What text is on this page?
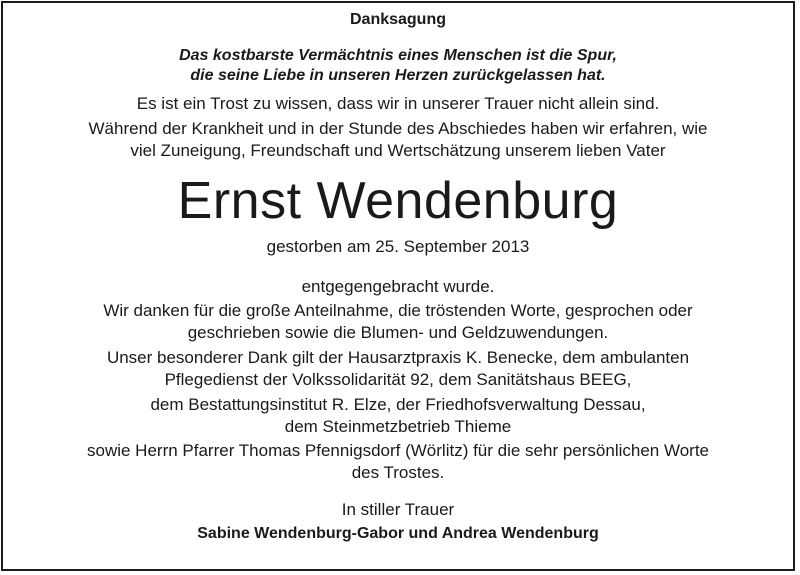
Danksagung
Das kostbarste Vermächtnis eines Menschen ist die Spur,
die seine Liebe in unseren Herzen zurückgelassen hat.
Es ist ein Trost zu wissen, dass wir in unserer Trauer nicht allein sind.
Während der Krankheit und in der Stunde des Abschiedes haben wir erfahren, wie
viel Zuneigung, Freundschaft und Wertschätzung unserem lieben Vater
Ernst Wendenburg
gestorben am 25. September 2013
entgegengebracht wurde.
Wir danken für die große Anteilnahme, die tröstenden Worte, gesprochen oder
geschrieben sowie die Blumen- und Geldzuwendungen.
Unser besonderer Dank gilt der Hausarztpraxis K. Benecke, dem ambulanten
Pflegedienst der Volkssolidarität 92, dem Sanitätshaus BEEG,
dem Bestattungsinstitut R. Elze, der Friedhofsverwaltung Dessau,
dem Steinmetzbetrieb Thieme
sowie Herrn Pfarrer Thomas Pfennigsdorf (Wörlitz) für die sehr persönlichen Worte
des Trostes.
In stiller Trauer
Sabine Wendenburg-Gabor und Andrea Wendenburg
